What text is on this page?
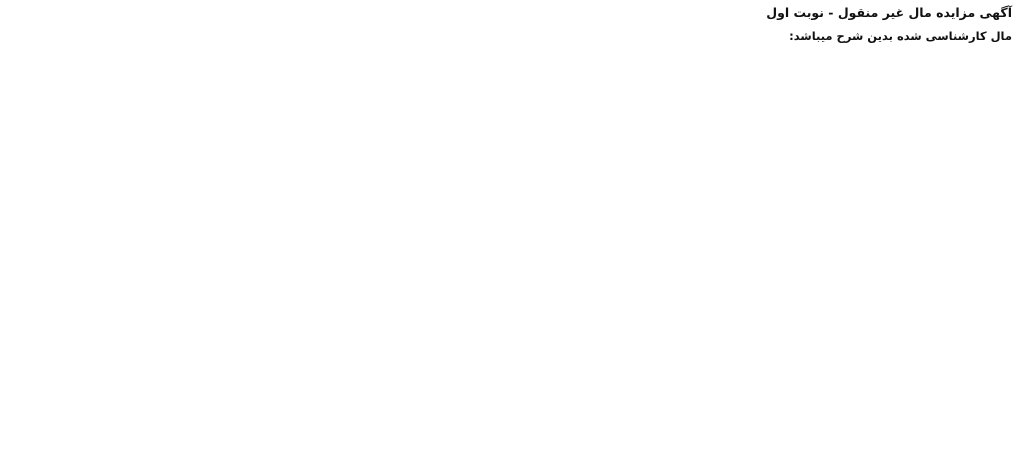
آگهی مزایده مال غیر منقول - نوبت اول
مال کارشناسی شده بدین شرح میباشد:
